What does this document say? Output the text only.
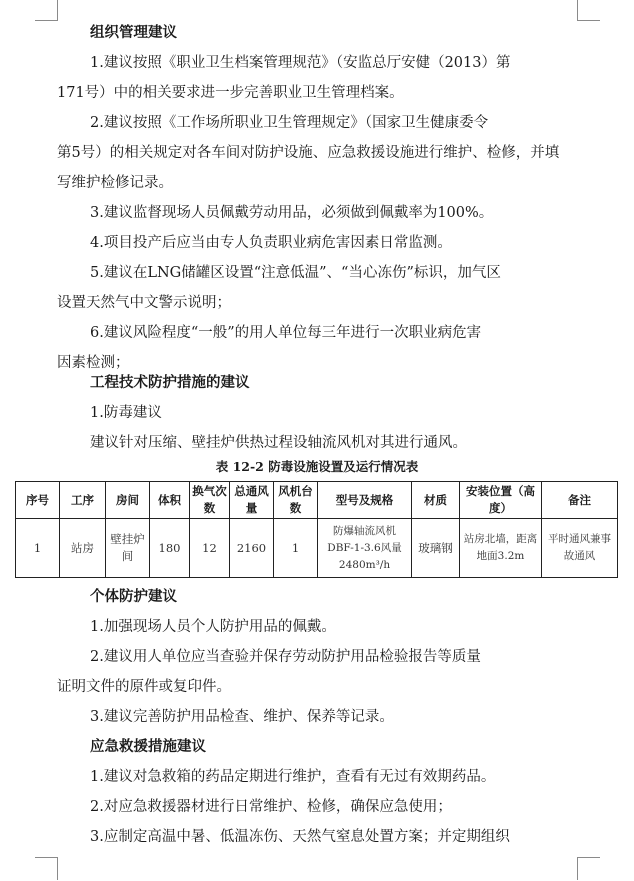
组织管理建议

1.建议按照《职业卫生档案管理规范》（安监总厅安健（2013）第

171号）中的相关要求进一步完善职业卫生管理档案。

2.建议按照《工作场所职业卫生管理规定》（国家卫生健康委令

第5号）的相关规定对各车间对防护设施、应急救援设施进行维护、检修，并填写维护检修记录。

3.建议监督现场人员佩戴劳动用品，必须做到佩戴率为100%。

4.项目投产后应当由专人负责职业病危害因素日常监测。

5.建议在LNG储罐区设置“注意低温”、“当心冻伤”标识，加气区

设置天然气中文警示说明；

6.建议风险程度“一般”的用人单位每三年进行一次职业病危害

因素检测；

工程技术防护措施的建议

1.防毒建议

建议针对压缩、壁挂炉供热过程设轴流风机对其进行通风。

表 12-2 防毒设施设置及运行情况表
序号	工序	房间	体积	换气次数	总通风量	风机台数	型号及规格	材质	安装位置（高度）	备注
1	站房	壁挂炉间	180	12	2160	1	防爆轴流风机DBF-1-3.6风量2480m³/h	玻璃钢	站房北墙，距离地面3.2m	平时通风兼事故通风

个体防护建议

1.加强现场人员个人防护用品的佩戴。

2.建议用人单位应当查验并保存劳动防护用品检验报告等质量

证明文件的原件或复印件。

3.建议完善防护用品检查、维护、保养等记录。

应急救援措施建议

1.建议对急救箱的药品定期进行维护，查看有无过有效期药品。

2.对应急救援器材进行日常维护、检修，确保应急使用；

3.应制定高温中暑、低温冻伤、天然气窒息处置方案；并定期组织
